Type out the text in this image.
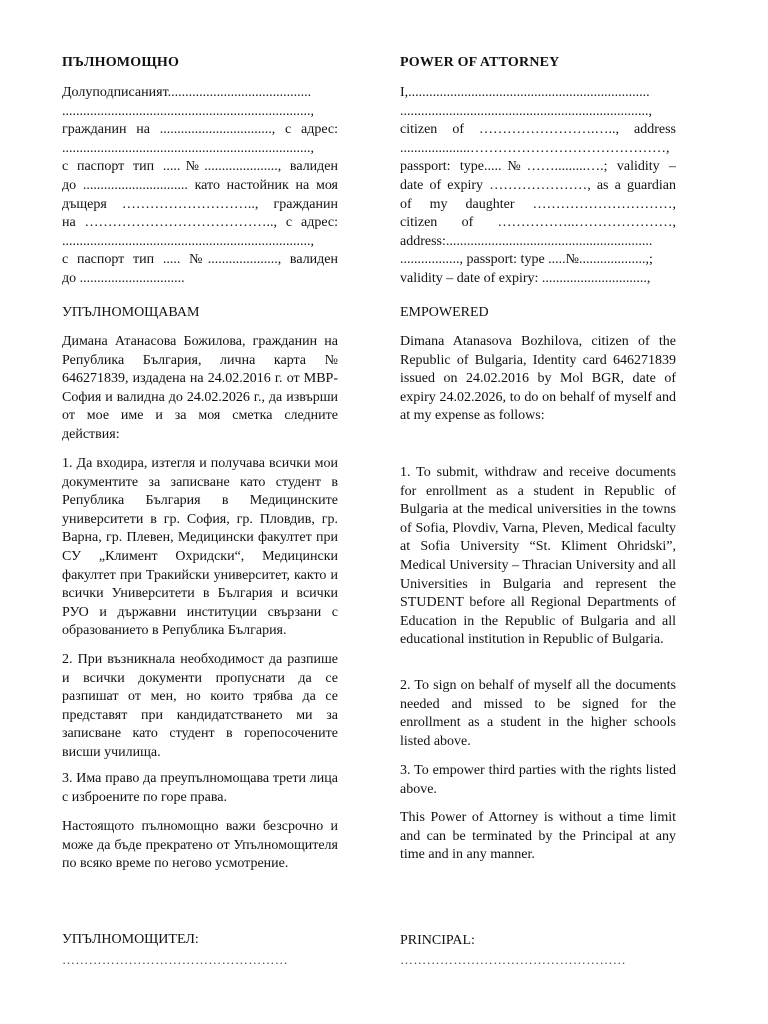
ПЪЛНОМОЩНО
Долуподписаният.........................................
.......................................................................,
гражданин на ................................, с адрес:
.......................................................................,
с паспорт тип .....№....................., валиден
до .............................. като настойник на моя
дъщеря ……………………….., гражданин
на ………………………………….., с адрес:
.......................................................................,
с паспорт тип ..... №...................., валиден
до ..............................
УПЪЛНОМОЩАВАМ
Димана Атанасова Божилова, гражданин на Република България, лична карта № 646271839, издадена на 24.02.2016 г. от МВР-София и валидна до 24.02.2026 г., да извърши от мое име и за моя сметка следните действия:
1. Да входира, изтегля и получава всички мои документите за записване като студент в Република България в Медицинските университети в гр. София, гр. Пловдив, гр. Варна, гр. Плевен, Медицински факултет при СУ „Климент Охридски“, Медицински факултет при Тракийски университет, както и всички Университети в България и всички РУО и държавни институции свързани с образованието в Република България.
2. При възникнала необходимост да разпише и всички документи пропуснати да се разпишат от мен, но които трябва да се представят при кандидатстването ми за записване като студент в горепосочените висши училища.
3. Има право да преупълномощава трети лица с изброените по горе права.
Настоящото пълномощно важи безсрочно и може да бъде прекратено от Упълномощителя по всяко време по негово усмотрение.
УПЪЛНОМОЩИТЕЛ:
……………………………………………
POWER OF ATTORNEY
I,.....................................................................
.......................................................................,
citizen of …………………….….., address
....................……………………………………,
passport: type.....№…….........….; validity –
date of expiry …………………, as a guardian
of my daughter …………………………,
citizen of ……………..…………………,
address:...........................................................
................., passport: type .....№...................,;
validity – date of expiry: ..............................,
EMPOWERED
Dimana Atanasova Bozhilova, citizen of the Republic of Bulgaria, Identity card 646271839 issued on 24.02.2016 by Mol BGR, date of expiry 24.02.2026, to do on behalf of myself and at my expense as follows:
1. To submit, withdraw and receive documents for enrollment as a student in Republic of Bulgaria at the medical universities in the towns of Sofia, Plovdiv, Varna, Pleven, Medical faculty at Sofia University “St. Kliment Ohridski”, Medical University – Thracian University and all Universities in Bulgaria and represent the STUDENT before all Regional Departments of Education in the Republic of Bulgaria and all educational institution in Republic of Bulgaria.
2. To sign on behalf of myself all the documents needed and missed to be signed for the enrollment as a student in the higher schools listed above.
3. To empower third parties with the rights listed above.
This Power of Attorney is without a time limit and can be terminated by the Principal at any time and in any manner.
PRINCIPAL:
……………………………………………
